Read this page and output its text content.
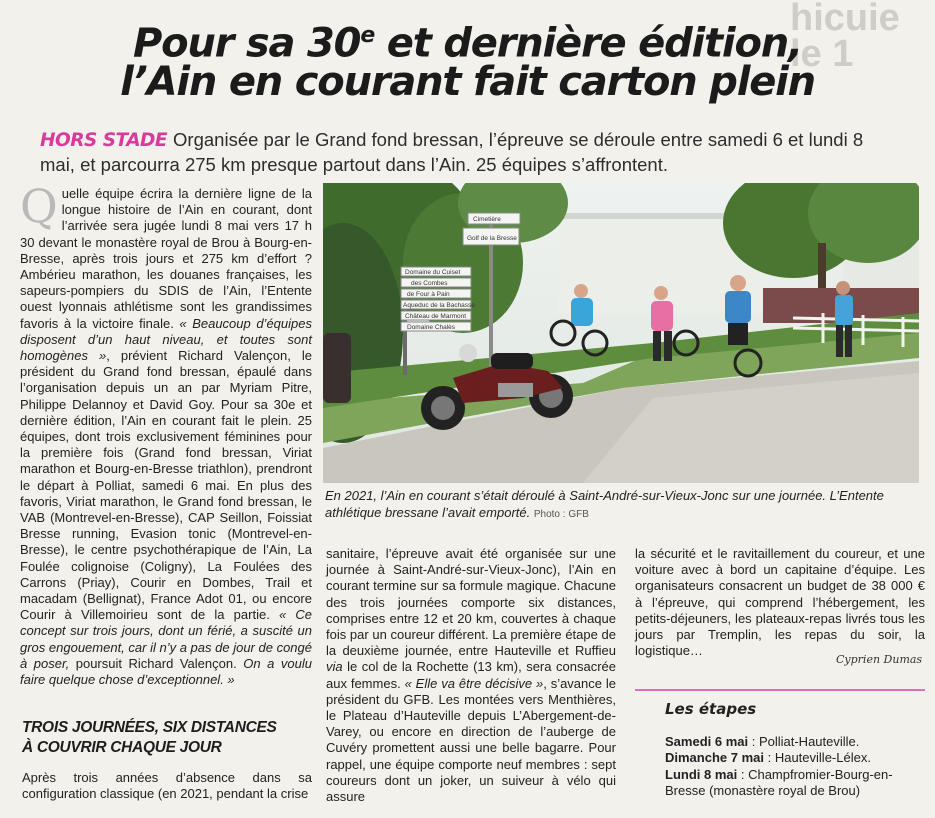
hicuie
le 1
Pour sa 30e et dernière édition,
l’Ain en courant fait carton plein
HORS STADE Organisée par le Grand fond bressan, l’épreuve se déroule entre samedi 6 et lundi 8 mai, et parcourra 275 km presque partout dans l’Ain. 25 équipes s’affrontent.

Quelle équipe écrira la dernière ligne de la longue histoire de l’Ain en courant, dont l’arrivée sera jugée lundi 8 mai vers 17 h 30 devant le monastère royal de Brou à Bourg-en-Bresse, après trois jours et 275 km d’effort ? Ambérieu marathon, les douanes françaises, les sapeurs-pompiers du SDIS de l’Ain, l’Entente ouest lyonnais athlétisme sont les grandissimes favoris à la victoire finale. « Beaucoup d’équipes disposent d’un haut niveau, et toutes sont homogènes », prévient Richard Valençon, le président du Grand fond bressan, épaulé dans l’organisation depuis un an par Myriam Pitre, Philippe Delannoy et David Goy. Pour sa 30e et dernière édition, l’Ain en courant fait le plein. 25 équipes, dont trois exclusivement féminines pour la première fois (Grand fond bressan, Viriat marathon et Bourg-en-Bresse triathlon), prendront le départ à Polliat, samedi 6 mai. En plus des favoris, Viriat marathon, le Grand fond bressan, le VAB (Montrevel-en-Bresse), CAP Seillon, Foissiat Bresse running, Evasion tonic (Montrevel-en-Bresse), le centre psychothérapique de l’Ain, La Foulée colignoise (Coligny), La Foulées des Carrons (Priay), Courir en Dombes, Trail et macadam (Bellignat), France Adot 01, ou encore Courir à Villemoirieu sont de la partie. « Ce concept sur trois jours, dont un férié, a suscité un gros engouement, car il n’y a pas de jour de congé à poser, poursuit Richard Valençon. On a voulu faire quelque chose d’exceptionnel. »

TROIS JOURNÉES, SIX DISTANCES
À COUVRIR CHAQUE JOUR
Après trois années d’absence dans sa configuration classique (en 2021, pendant la crise
Cimetière
Golf de la Bresse
Domaine du Cuiset
des Combes
de Four à Pain
Aqueduc de la Bachasse
Château de Marmont
Domaine Chalès
En 2021, l’Ain en courant s’était déroulé à Saint-André-sur-Vieux-Jonc sur une journée. L’Entente athlétique bressane l’avait emporté. Photo : GFB

sanitaire, l’épreuve avait été organisée sur une journée à Saint-André-sur-Vieux-Jonc), l’Ain en courant termine sur sa formule magique. Chacune des trois journées comporte six distances, comprises entre 12 et 20 km, couvertes à chaque fois par un coureur différent. La première étape de la deuxième journée, entre Hauteville et Ruffieu via le col de la Rochette (13 km), sera consacrée aux femmes. « Elle va être décisive », s’avance le président du GFB. Les montées vers Menthières, le Plateau d’Hauteville depuis L’Abergement-de-Varey, ou encore en direction de l’auberge de Cuvéry promettent aussi une belle bagarre. Pour rappel, une équipe comporte neuf membres : sept coureurs dont un joker, un suiveur à vélo qui assure

la sécurité et le ravitaillement du coureur, et une voiture avec à bord un capitaine d’équipe. Les organisateurs consacrent un budget de 38 000 € à l’épreuve, qui comprend l’hébergement, les petits-déjeuners, les plateaux-repas livrés tous les jours par Tremplin, les repas du soir, la logistique…

Cyprien Dumas
Les étapes
Samedi 6 mai : Polliat-Hauteville.
Dimanche 7 mai : Hauteville-Lélex.
Lundi 8 mai : Champfromier-Bourg-en-Bresse (monastère royal de Brou)
